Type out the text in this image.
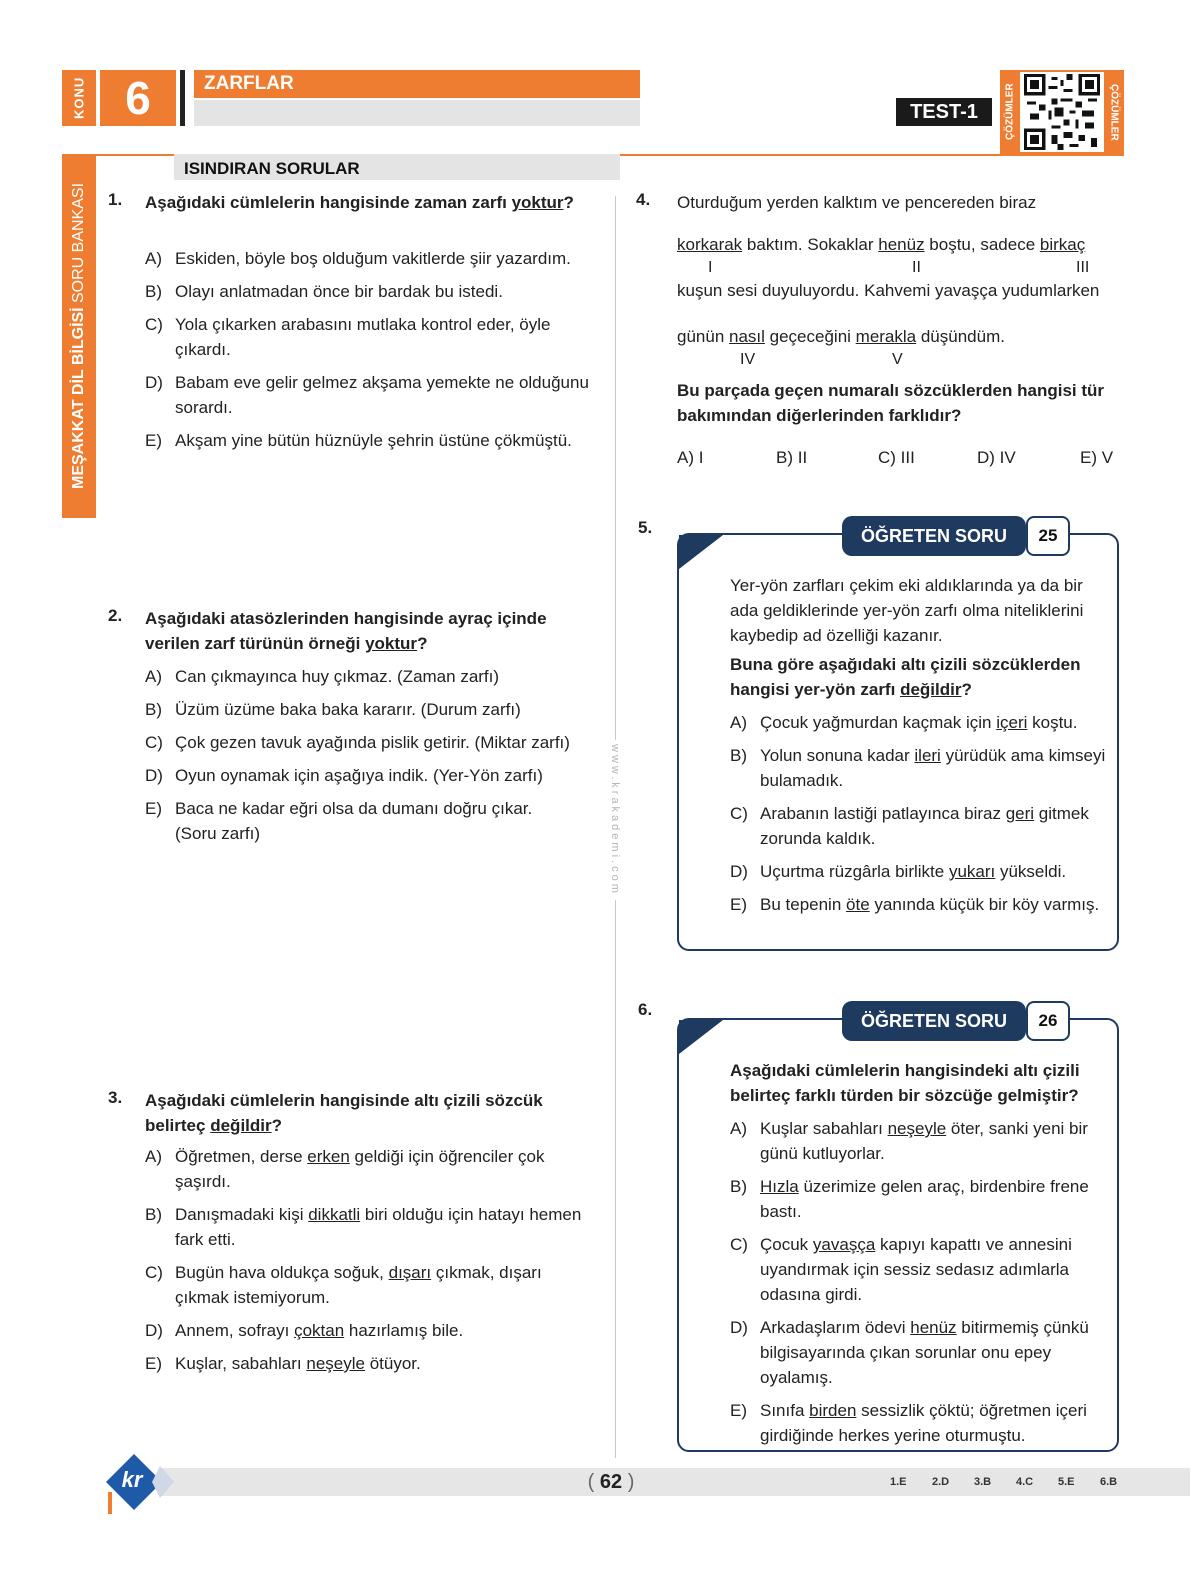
KONU 6	ZARFLAR
TEST-1	ÇÖZÜMLER	ÇÖZÜMLER
MEŞAKKAT DİL BİLGİSİ

SORU BANKASI
ISINDIRAN SORULAR
www.krakademi.com
1. Aşağıdaki cümlelerin hangisinde zaman zarfı yoktur?
A) Eskiden, böyle boş olduğum vakitlerde şiir yazardım.
B) Olayı anlatmadan önce bir bardak bu istedi.
C) Yola çıkarken arabasını mutlaka kontrol eder, öyle çıkardı.
D) Babam eve gelir gelmez akşama yemekte ne olduğunu sorardı.
E) Akşam yine bütün hüznüyle şehrin üstüne çökmüştü.
2. Aşağıdaki atasözlerinden hangisinde ayraç içinde verilen zarf türünün örneği yoktur?
A) Can çıkmayınca huy çıkmaz. (Zaman zarfı)
B) Üzüm üzüme baka baka kararır. (Durum zarfı)
C) Çok gezen tavuk ayağında pislik getirir. (Miktar zarfı)
D) Oyun oynamak için aşağıya indik. (Yer-Yön zarfı)
E) Baca ne kadar eğri olsa da dumanı doğru çıkar. (Soru zarfı)
3. Aşağıdaki cümlelerin hangisinde altı çizili sözcük belirteç değildir?
A) Öğretmen, derse erken geldiği için öğrenciler çok şaşırdı.
B) Danışmadaki kişi dikkatli biri olduğu için hatayı hemen fark etti.
C) Bugün hava oldukça soğuk, dışarı çıkmak, dışarı çıkmak istemiyorum.
D) Annem, sofrayı çoktan hazırlamış bile.
E) Kuşlar, sabahları neşeyle ötüyor.
4. Oturduğum yerden kalktım ve pencereden biraz
korkarak baktım. Sokaklar henüz boştu, sadece birkaç
I	II	III
kuşun sesi duyuluyordu. Kahvemi yavaşça yudumlarken
günün nasıl geçeceğini merakla düşündüm.
IV	V
Bu parçada geçen numaralı sözcüklerden hangisi tür bakımından diğerlerinden farklıdır?
A) I	B) II	C) III	D) IV	E) V
5.	ÖĞRETEN SORU	25
Yer-yön zarfları çekim eki aldıklarında ya da bir ada geldiklerinde yer-yön zarfı olma niteliklerini kaybedip ad özelliği kazanır.
Buna göre aşağıdaki altı çizili sözcüklerden hangisi yer-yön zarfı değildir?
A) Çocuk yağmurdan kaçmak için içeri koştu.
B) Yolun sonuna kadar ileri yürüdük ama kimseyi bulamadık.
C) Arabanın lastiği patlayınca biraz geri gitmek zorunda kaldık.
D) Uçurtma rüzgârla birlikte yukarı yükseldi.
E) Bu tepenin öte yanında küçük bir köy varmış.
6.
ÖĞRETEN SORU	26
Aşağıdaki cümlelerin hangisindeki altı çizili belirteç farklı türden bir sözcüğe gelmiştir?
A) Kuşlar sabahları neşeyle öter, sanki yeni bir günü kutluyorlar.
B) Hızla üzerimize gelen araç, birdenbire frene bastı.
C) Çocuk yavaşça kapıyı kapattı ve annesini uyandırmak için sessiz sedasız adımlarla odasına girdi.
D) Arkadaşlarım ödevi henüz bitirmemiş çünkü bilgisayarında çıkan sorunlar onu epey oyalamış.
E) Sınıfa birden sessizlik çöktü; öğretmen içeri girdiğinde herkes yerine oturmuştu.
kr	(
62
)	1.E 2.D 3.B 4.C 5.E 6.B
